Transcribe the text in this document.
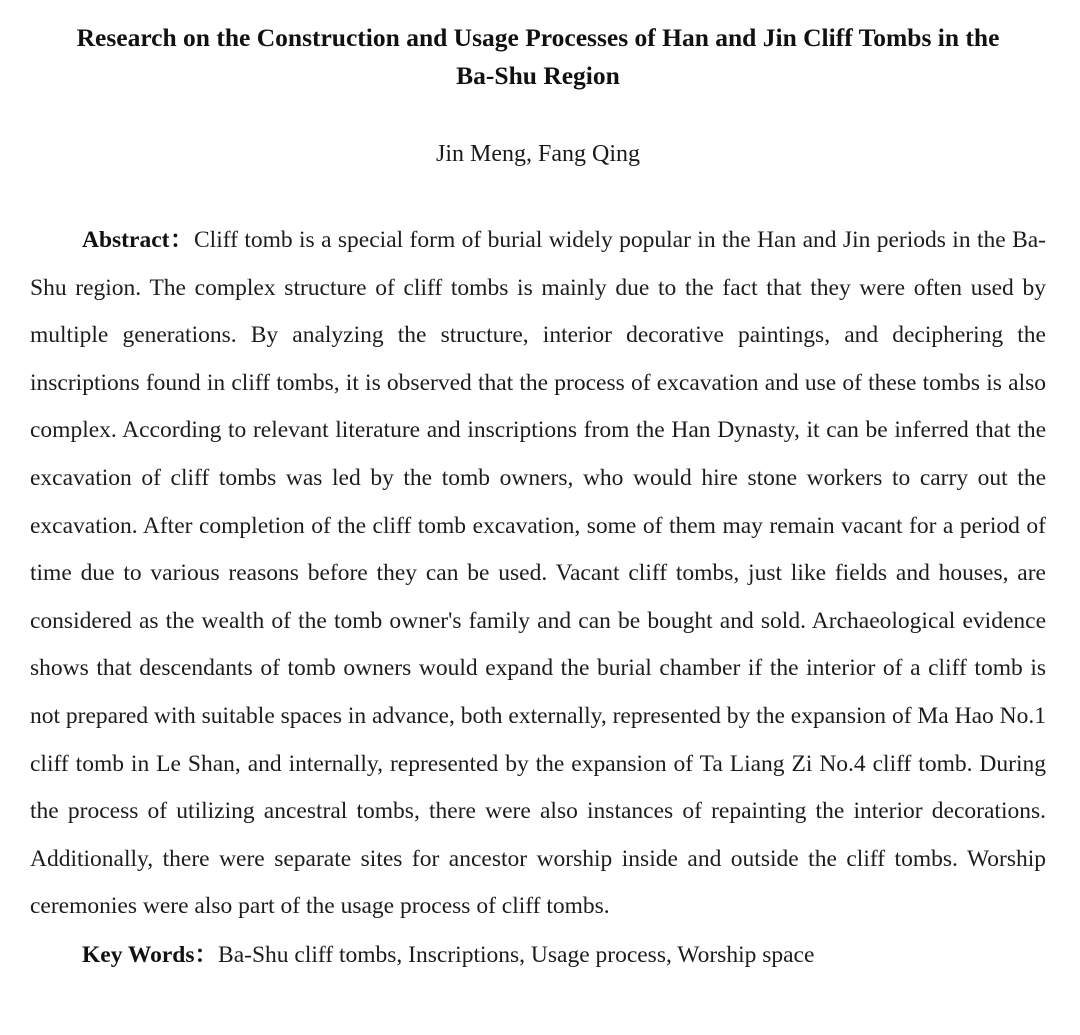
Research on the Construction and Usage Processes of Han and Jin Cliff Tombs in the
Ba-Shu Region

Jin Meng, Fang Qing

Abstract：Cliff tomb is a special form of burial widely popular in the Han and Jin periods in the Ba-Shu region. The complex structure of cliff tombs is mainly due to the fact that they were often used by multiple generations. By analyzing the structure, interior decorative paintings, and deciphering the inscriptions found in cliff tombs, it is observed that the process of excavation and use of these tombs is also complex. According to relevant literature and inscriptions from the Han Dynasty, it can be inferred that the excavation of cliff tombs was led by the tomb owners, who would hire stone workers to carry out the excavation. After completion of the cliff tomb excavation, some of them may remain vacant for a period of time due to various reasons before they can be used. Vacant cliff tombs, just like fields and houses, are considered as the wealth of the tomb owner's family and can be bought and sold. Archaeological evidence shows that descendants of tomb owners would expand the burial chamber if the interior of a cliff tomb is not prepared with suitable spaces in advance, both externally, represented by the expansion of Ma Hao No.1 cliff tomb in Le Shan, and internally, represented by the expansion of Ta Liang Zi No.4 cliff tomb. During the process of utilizing ancestral tombs, there were also instances of repainting the interior decorations. Additionally, there were separate sites for ancestor worship inside and outside the cliff tombs. Worship ceremonies were also part of the usage process of cliff tombs.

Key Words：Ba-Shu cliff tombs, Inscriptions, Usage process, Worship space
